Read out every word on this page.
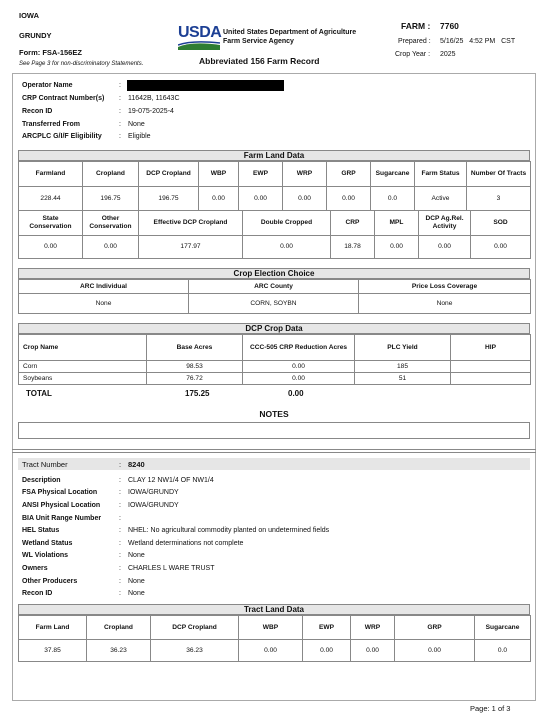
IOWA
GRUNDY
Form: FSA-156EZ
See Page 3 for non-discriminatory Statements.
USDA United States Department of Agriculture
Farm Service Agency
Abbreviated 156 Farm Record
FARM : 7760
Prepared : 5/16/25   4:52 PM   CST
Crop Year : 2025
Operator Name	:
CRP Contract Number(s) : 11642B, 11643C
Recon ID	: 19-075-2025-4
Transferred From	: None
ARCPLC G/I/F Eligibility : Eligible
Farm Land Data
Farmland	Cropland	DCP Cropland	WBP	EWP	WRP	GRP	Sugarcane	Farm Status	Number Of Tracts
228.44	196.75	196.75	0.00	0.00	0.00	0.00	0.0	Active	3
State Conservation	Other Conservation	Effective DCP Cropland	Double Cropped	CRP	MPL	DCP Ag.Rel. Activity	SOD
0.00	0.00	177.97	0.00	18.78	0.00	0.00	0.00
Crop Election Choice
ARC Individual	ARC County	Price Loss Coverage
None	CORN, SOYBN	None
DCP Crop Data
Crop Name	Base Acres	CCC-505 CRP Reduction Acres	PLC Yield	HIP
Corn	98.53	0.00	185	
Soybeans	76.72	0.00	51	
TOTAL	175.25	0.00
NOTES
Tract Number	: 8240
Description	: CLAY 12 NW1/4 OF NW1/4
FSA Physical Location	: IOWA/GRUNDY
ANSI Physical Location	: IOWA/GRUNDY
BIA Unit Range Number	:
HEL Status	: NHEL: No agricultural commodity planted on undetermined fields
Wetland Status	: Wetland determinations not complete
WL Violations	: None
Owners	: CHARLES L WARE TRUST
Other Producers	: None
Recon ID	: None
Tract Land Data
Farm Land	Cropland	DCP Cropland	WBP	EWP	WRP	GRP	Sugarcane
37.85	36.23	36.23	0.00	0.00	0.00	0.00	0.0
Page: 1 of 3
